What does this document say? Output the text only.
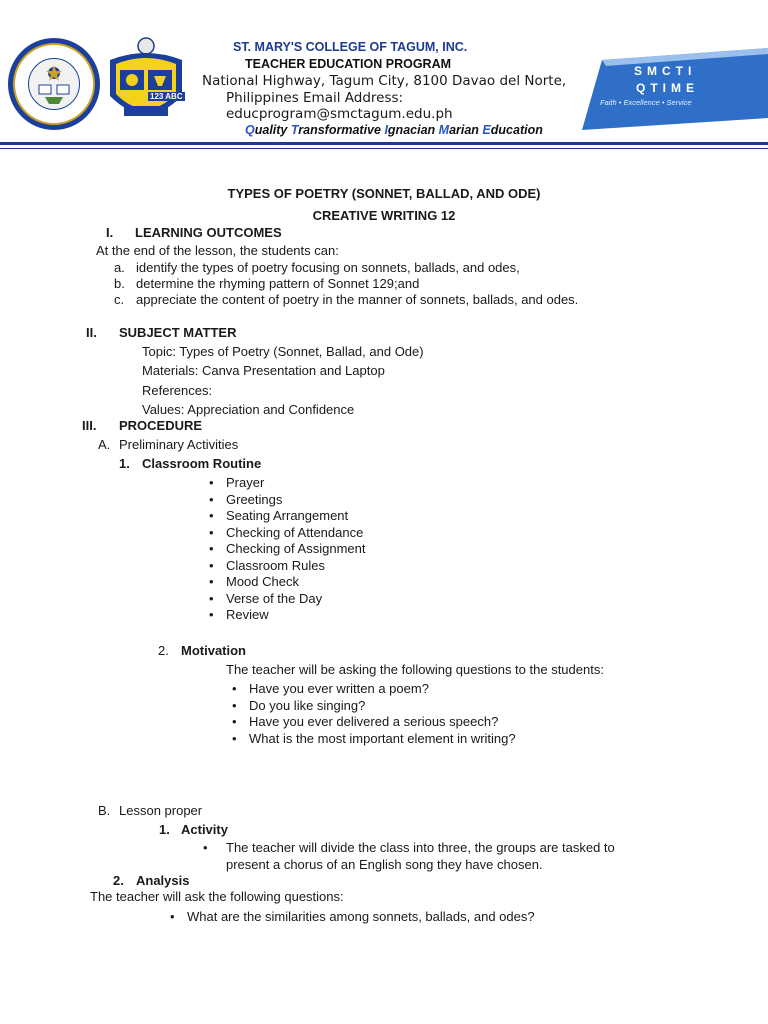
123 ABC
ST. MARY'S COLLEGE OF TAGUM, INC.
TEACHER EDUCATION PROGRAM
National Highway, Tagum City, 8100 Davao del Norte,
Philippines Email Address:
educprogram@smctagum.edu.ph
Quality Transformative Ignacian Marian Education
SMCTI
QTIME
Faith • Excellence • Service
TYPES OF POETRY (SONNET, BALLAD, AND ODE)
CREATIVE WRITING 12
I. LEARNING OUTCOMES
At the end of the lesson, the students can:
a. identify the types of poetry focusing on sonnets, ballads, and odes,
b. determine the rhyming pattern of Sonnet 129;and
c. appreciate the content of poetry in the manner of sonnets, ballads, and odes.
II. SUBJECT MATTER
Topic: Types of Poetry (Sonnet, Ballad, and Ode)
Materials: Canva Presentation and Laptop
References:
Values: Appreciation and Confidence
III. PROCEDURE
A. Preliminary Activities
1. Classroom Routine
• Prayer
• Greetings
• Seating Arrangement
• Checking of Attendance
• Checking of Assignment
• Classroom Rules
• Mood Check
• Verse of the Day
• Review
2. Motivation
The teacher will be asking the following questions to the students:
• Have you ever written a poem?
• Do you like singing?
• Have you ever delivered a serious speech?
• What is the most important element in writing?
B. Lesson proper
1. Activity
• The teacher will divide the class into three, the groups are tasked to
present a chorus of an English song they have chosen.
2. Analysis
The teacher will ask the following questions:
• What are the similarities among sonnets, ballads, and odes?
